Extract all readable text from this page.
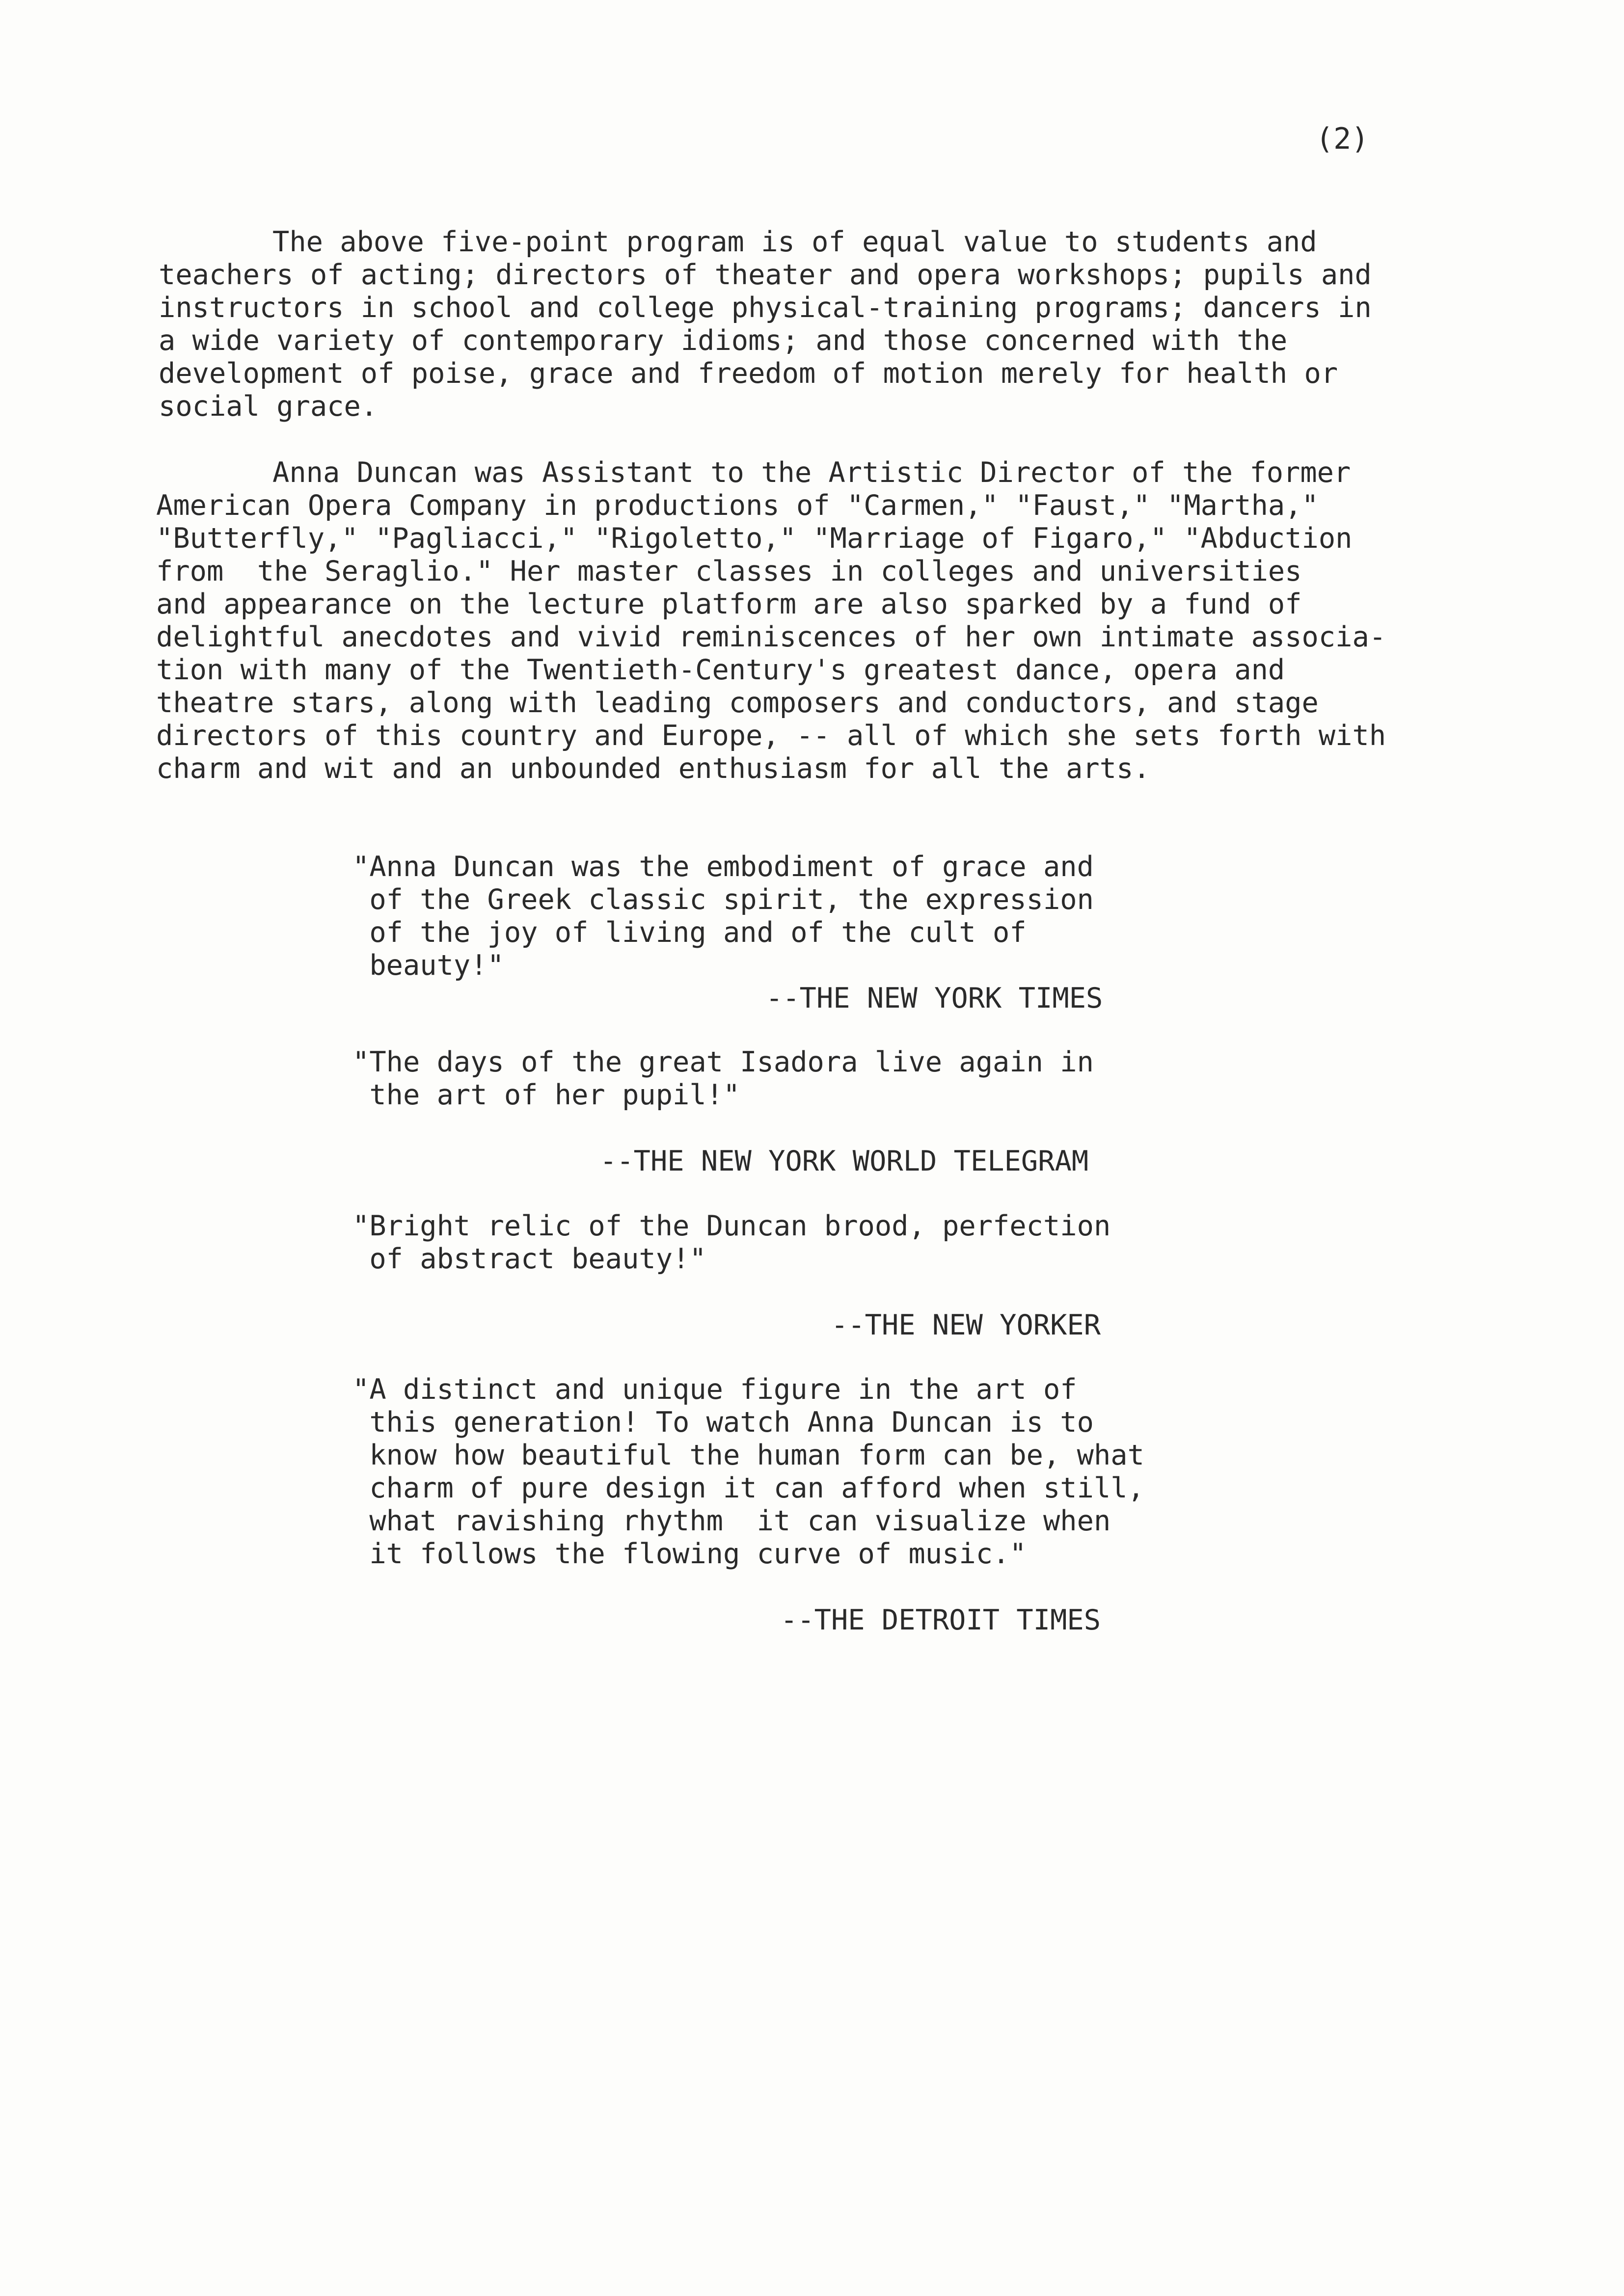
(2)
The above five-point program is of equal value to students and
teachers of acting; directors of theater and opera workshops; pupils and
instructors in school and college physical-training programs; dancers in
a wide variety of contemporary idioms; and those concerned with the
development of poise, grace and freedom of motion merely for health or
social grace.
Anna Duncan was Assistant to the Artistic Director of the former
American Opera Company in productions of "Carmen," "Faust," "Martha,"
"Butterfly," "Pagliacci," "Rigoletto," "Marriage of Figaro," "Abduction
from  the Seraglio." Her master classes in colleges and universities
and appearance on the lecture platform are also sparked by a fund of
delightful anecdotes and vivid reminiscences of her own intimate associa-
tion with many of the Twentieth-Century's greatest dance, opera and
theatre stars, along with leading composers and conductors, and stage
directors of this country and Europe, -- all of which she sets forth with
charm and wit and an unbounded enthusiasm for all the arts.
"Anna Duncan was the embodiment of grace and
of the Greek classic spirit, the expression
of the joy of living and of the cult of
beauty!"
--THE NEW YORK TIMES
"The days of the great Isadora live again in
the art of her pupil!"
--THE NEW YORK WORLD TELEGRAM
"Bright relic of the Duncan brood, perfection
of abstract beauty!"
--THE NEW YORKER
"A distinct and unique figure in the art of
this generation! To watch Anna Duncan is to
know how beautiful the human form can be, what
charm of pure design it can afford when still,
what ravishing rhythm  it can visualize when
it follows the flowing curve of music."
--THE DETROIT TIMES
